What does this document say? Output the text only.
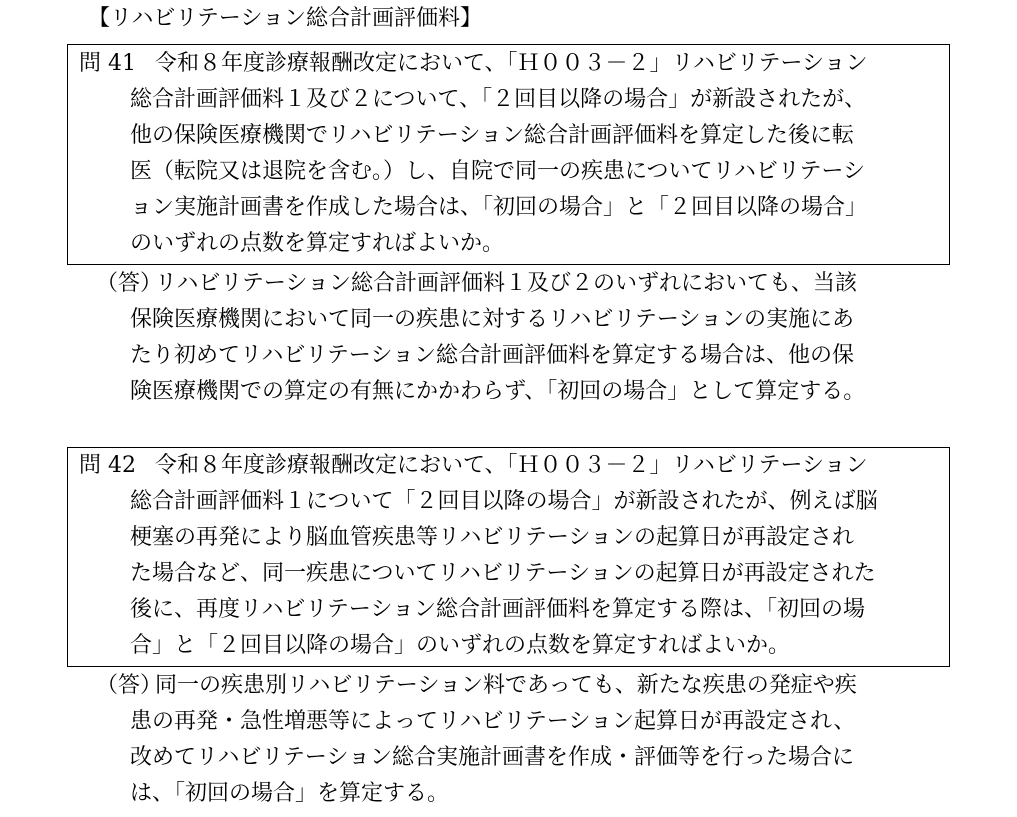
【リハビリテーション総合計画評価料】
問 41 令和８年度診療報酬改定において、「Ｈ００３－２」リハビリテーション
総合計画評価料１及び２について、「２回目以降の場合」が新設されたが、
他の保険医療機関でリハビリテーション総合計画評価料を算定した後に転
医（転院又は退院を含む。）し、自院で同一の疾患についてリハビリテーシ
ョン実施計画書を作成した場合は、「初回の場合」と「２回目以降の場合」
のいずれの点数を算定すればよいか。
（答）
リハビリテーション総合計画評価料１及び２のいずれにおいても、当該
保険医療機関において同一の疾患に対するリハビリテーションの実施にあ
たり初めてリハビリテーション総合計画評価料を算定する場合は、他の保
険医療機関での算定の有無にかかわらず、「初回の場合」として算定する。
問 42 令和８年度診療報酬改定において、「Ｈ００３－２」リハビリテーション
総合計画評価料１について「２回目以降の場合」が新設されたが、例えば脳
梗塞の再発により脳血管疾患等リハビリテーションの起算日が再設定され
た場合など、同一疾患についてリハビリテーションの起算日が再設定された
後に、再度リハビリテーション総合計画評価料を算定する際は、「初回の場
合」と「２回目以降の場合」のいずれの点数を算定すればよいか。
（答）
同一の疾患別リハビリテーション料であっても、新たな疾患の発症や疾
患の再発・急性増悪等によってリハビリテーション起算日が再設定され、
改めてリハビリテーション総合実施計画書を作成・評価等を行った場合に
は、「初回の場合」を算定する。
